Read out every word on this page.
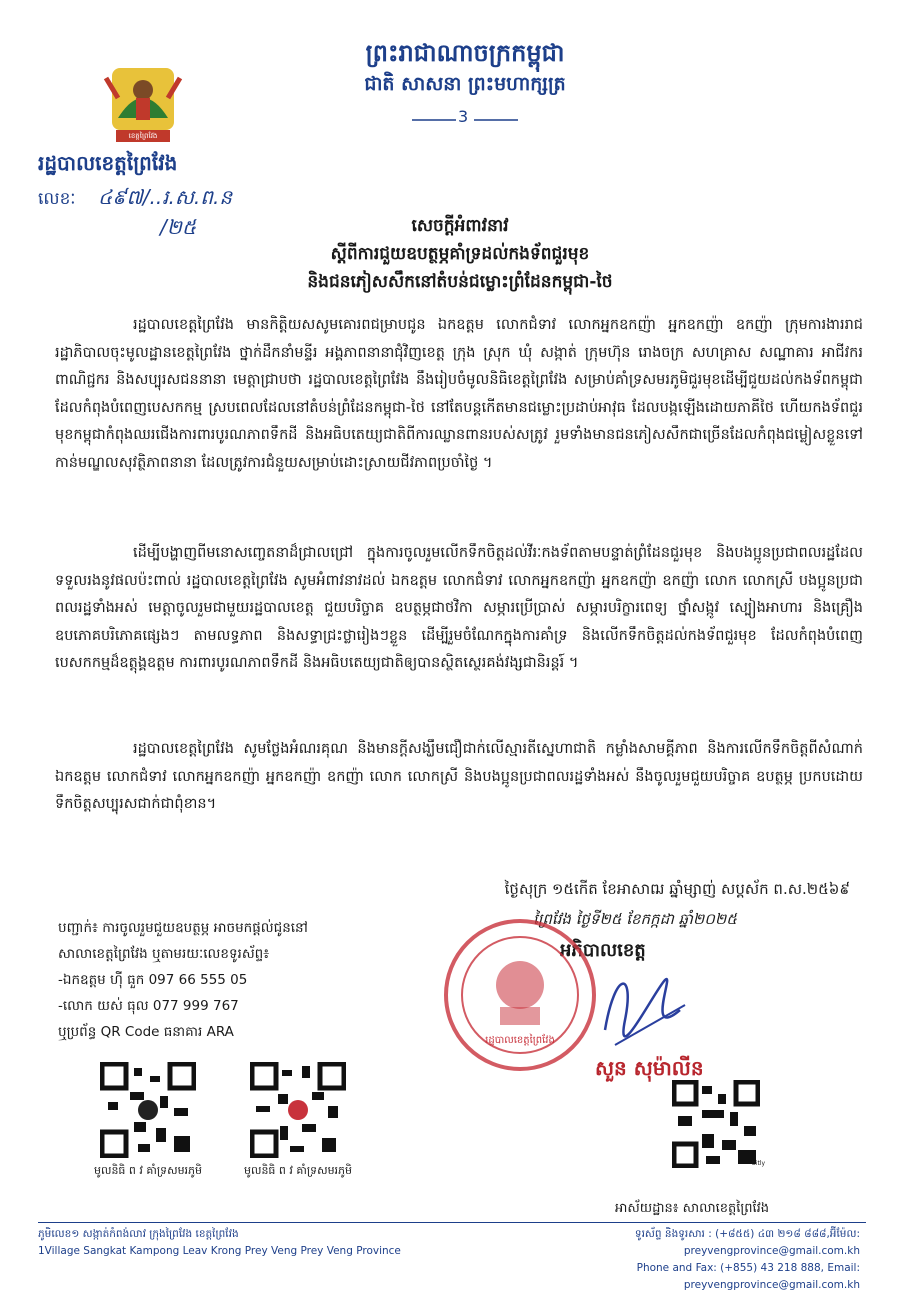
ខេត្តព្រៃវែង
ព្រះរាជាណាចក្រកម្ពុជា
ជាតិ សាសនា ព្រះមហាក្សត្រ
3
រដ្ឋបាលខេត្តព្រៃវែង
លេខៈ ៤៩៧/..រ.ស.ព.ន
/២៥	សេចក្តីអំពាវនាវ
ស្តីពីការជួយឧបត្ថម្ភគាំទ្រដល់កងទ័ពជួរមុខ
និងជនភៀសសឹកនៅតំបន់ជម្លោះព្រំដែនកម្ពុជា-ថៃ
រដ្ឋបាលខេត្តព្រៃវែង មានកិត្តិយសសូមគោរពជម្រាបជូន ឯកឧត្តម លោកជំទាវ លោកអ្នកឧកញ៉ា អ្នកឧកញ៉ា ឧកញ៉ា ក្រុមការងាររាជរដ្ឋាភិបាលចុះមូលដ្ឋានខេត្តព្រៃវែង ថ្នាក់ដឹកនាំមន្ទីរ អង្គភាពនានាជុំវិញខេត្ត ក្រុង ស្រុក ឃុំ សង្កាត់ ក្រុមហ៊ុន រោងចក្រ សហគ្រាស សណ្ឋាគារ អាជីវករ ពាណិជ្ជករ និងសប្បុរសជននានា មេត្តាជ្រាបថា រដ្ឋបាលខេត្តព្រៃវែង នឹងរៀបចំមូលនិធិខេត្តព្រៃវែង សម្រាប់គាំទ្រសមរភូមិជួរមុខដើម្បីជួយដល់កងទ័ពកម្ពុជាដែលកំពុងបំពេញបេសកកម្ម ស្របពេលដែលនៅតំបន់ព្រំដែនកម្ពុជា-ថៃ នៅតែបន្តកើតមានជម្លោះប្រដាប់អាវុធ ដែលបង្កឡើងដោយភាគីថៃ ហើយកងទ័ពជួរមុខកម្ពុជាកំពុងឈរជើងការពារបូរណភាពទឹកដី និងអធិបតេយ្យជាតិពីការឈ្លានពានរបស់សត្រូវ រួមទាំងមានជនភៀសសឹកជាច្រើនដែលកំពុងជម្លៀសខ្លួនទៅកាន់មណ្ឌលសុវត្ថិភាពនានា ដែលត្រូវការជំនួយសម្រាប់ដោះស្រាយជីវភាពប្រចាំថ្ងៃ ។
ដើម្បីបង្ហាញពីមនោសញ្ចេតនាដ៏ជ្រាលជ្រៅ ក្នុងការចូលរួមលើកទឹកចិត្តដល់វីរៈកងទ័ពតាមបន្ទាត់ព្រំដែនជួរមុខ និងបងប្អូនប្រជាពលរដ្ឋដែលទទួលរងនូវផលប៉ះពាល់ រដ្ឋបាលខេត្តព្រៃវែង សូមអំពាវនាវដល់ ឯកឧត្តម លោកជំទាវ លោកអ្នកឧកញ៉ា អ្នកឧកញ៉ា ឧកញ៉ា លោក លោកស្រី បងប្អូនប្រជាពលរដ្ឋទាំងអស់ មេត្តាចូលរួមជាមួយរដ្ឋបាលខេត្ត ជួយបរិច្ចាគ ឧបត្ថម្ភជាថវិកា សម្ភារប្រើប្រាស់ សម្ភារបរិក្ខារពេទ្យ ថ្នាំសង្កូវ ស្បៀងអាហារ និងគ្រឿងឧបភោគបរិភោគផ្សេងៗ តាមលទ្ធភាព និងសទ្ធាជ្រះថ្លារៀងៗខ្លួន ដើម្បីរួមចំណែកក្នុងការគាំទ្រ និងលើកទឹកចិត្តដល់កងទ័ពជួរមុខ ដែលកំពុងបំពេញបេសកកម្មដ៏ឧត្តុង្គឧត្តម ការពារបូរណភាពទឹកដី និងអធិបតេយ្យជាតិឲ្យបានស្ថិតស្ថេរគង់វង្សជានិរន្តរ៍ ។
រដ្ឋបាលខេត្តព្រៃវែង សូមថ្លែងអំណរគុណ និងមានក្តីសង្ឃឹមជឿជាក់លើស្មារតីស្នេហាជាតិ កម្លាំងសាមគ្គីភាព និងការលើកទឹកចិត្តពីសំណាក់ ឯកឧត្តម លោកជំទាវ លោកអ្នកឧកញ៉ា អ្នកឧកញ៉ា ឧកញ៉ា លោក លោកស្រី និងបងប្អូនប្រជាពលរដ្ឋទាំងអស់ នឹងចូលរួមជួយបរិច្ចាគ ឧបត្ថម្ភ ប្រកបដោយទឹកចិត្តសប្បុរសជាក់ជាពុំខាន។
ថ្ងៃសុក្រ ១៥កើត ខែអាសាឍ ឆ្នាំម្សាញ់ សប្តស័ក ព.ស.២៥៦៩
ព្រៃវែង ថ្ងៃទី២៥ ខែកក្កដា ឆ្នាំ២០២៥
អភិបាលខេត្ត
រដ្ឋបាលខេត្តព្រៃវែង
សួន សុម៉ាលីន
បញ្ជាក់៖ ការចូលរួមជួយឧបត្ថម្ភ អាចមកផ្តល់ជូននៅ
សាលាខេត្តព្រៃវែង ឬតាមរយៈលេខទូរស័ព្ទ៖
-ឯកឧត្តម ហ៊ី ធួក 097 66 555 05
-លោក យស់ ធុល 077 999 767
ឬប្រព័ន្ធ QR Code ធនាគារ ARA
មូលនិធិ ព វ គាំទ្រសមរភូមិ	មូលនិធិ ព វ គាំទ្រសមរភូមិ
bitly
អាស័យដ្ឋាន៖ សាលាខេត្តព្រៃវែង
ភូមិលេខ១ សង្កាត់កំពង់លាវ ក្រុងព្រៃវែង ខេត្តព្រៃវែង
1Village Sangkat Kampong Leav Krong Prey Veng Prey Veng Province
ទូរស័ព្ទ និងទូរសារ : (+៨៥៥) ៤៣ ២១៨ ៨៨៨,អ៊ីម៉ែល: preyvengprovince@gmail.com.kh
Phone and Fax: (+855) 43 218 888, Email: preyvengprovince@gmail.com.kh
